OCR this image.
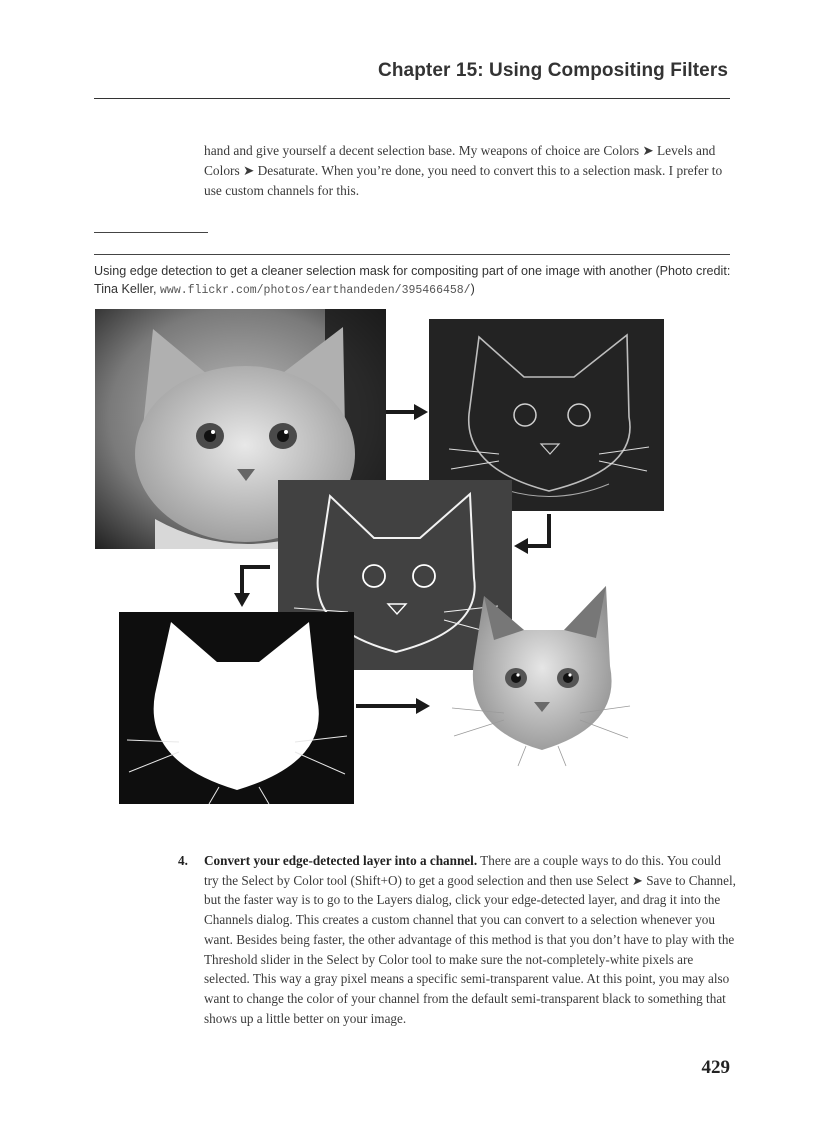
Chapter 15: Using Compositing Filters

hand and give yourself a decent selection base. My weapons of choice are Colors ➤ Levels and Colors ➤ Desaturate. When you’re done, you need to convert this to a selection mask. I prefer to use custom channels for this.

Using edge detection to get a cleaner selection mask for compositing part of one image with another (Photo credit: Tina Keller, www.flickr.com/photos/earthandeden/395466458/)

4. Convert your edge-detected layer into a channel. There are a couple ways to do this. You could try the Select by Color tool (Shift+O) to get a good selection and then use Select ➤ Save to Channel, but the faster way is to go to the Layers dialog, click your edge-detected layer, and drag it into the Channels dialog. This creates a custom channel that you can convert to a selection whenever you want. Besides being faster, the other advantage of this method is that you don’t have to play with the Threshold slider in the Select by Color tool to make sure the not-completely-white pixels are selected. This way a gray pixel means a specific semi-transparent value. At this point, you may also want to change the color of your channel from the default semi-transparent black to something that shows up a little better on your image.
429
